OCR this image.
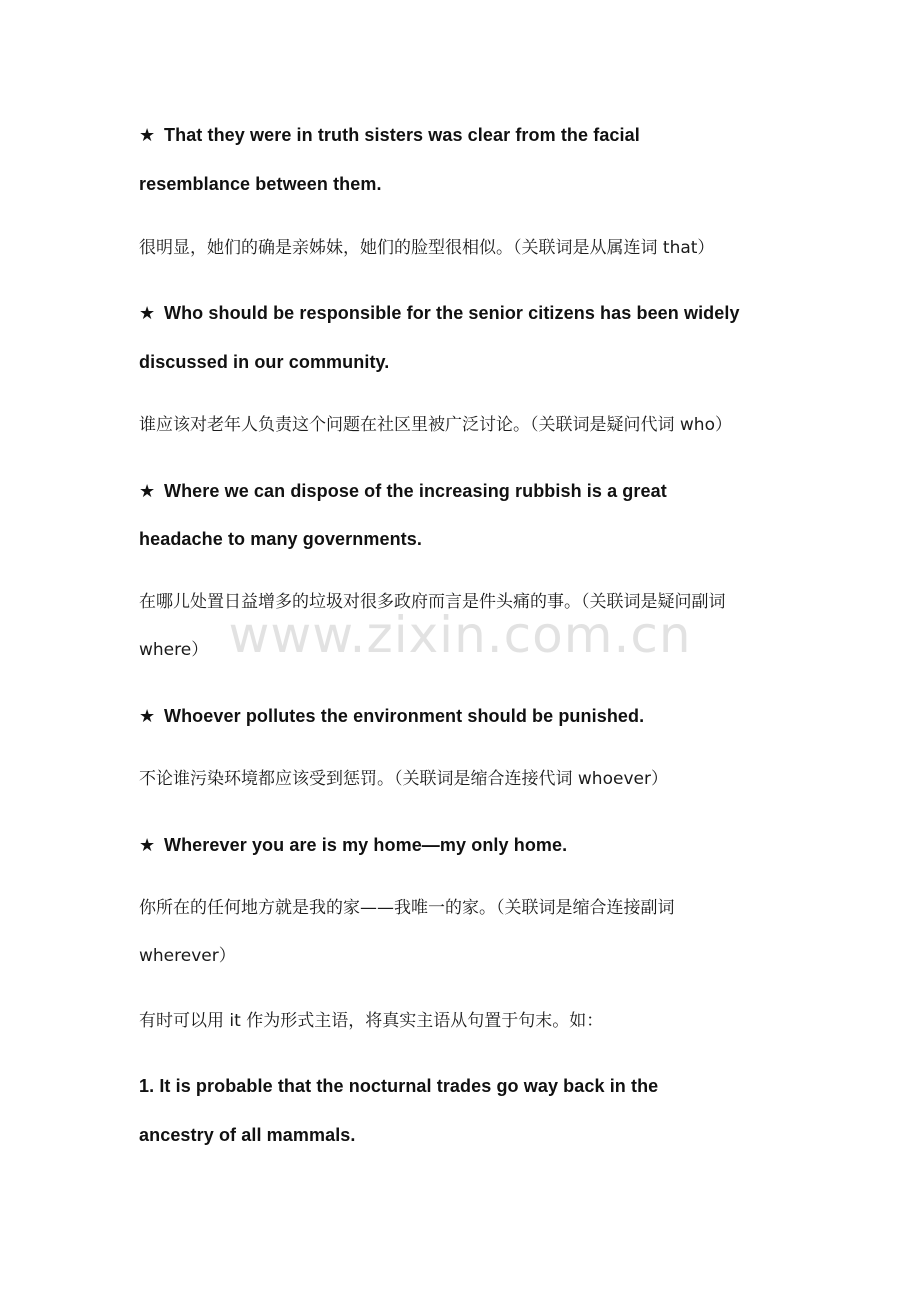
www.zixin.com.cn
★ That they were in truth sisters was clear from the facial
resemblance between them.
很明显，她们的确是亲姊妹，她们的脸型很相似。（关联词是从属连词 that）
★ Who should be responsible for the senior citizens has been widely
discussed in our community.
谁应该对老年人负责这个问题在社区里被广泛讨论。（关联词是疑问代词 who）
★ Where we can dispose of the increasing rubbish is a great
headache to many governments.
在哪儿处置日益增多的垃圾对很多政府而言是件头痛的事。（关联词是疑问副词
where）
★ Whoever pollutes the environment should be punished.
不论谁污染环境都应该受到惩罚。（关联词是缩合连接代词 whoever）
★ Wherever you are is my home—my only home.
你所在的任何地方就是我的家——我唯一的家。（关联词是缩合连接副词
wherever）
有时可以用 it 作为形式主语，将真实主语从句置于句末。如：
1. It is probable that the nocturnal trades go way back in the
ancestry of all mammals.
